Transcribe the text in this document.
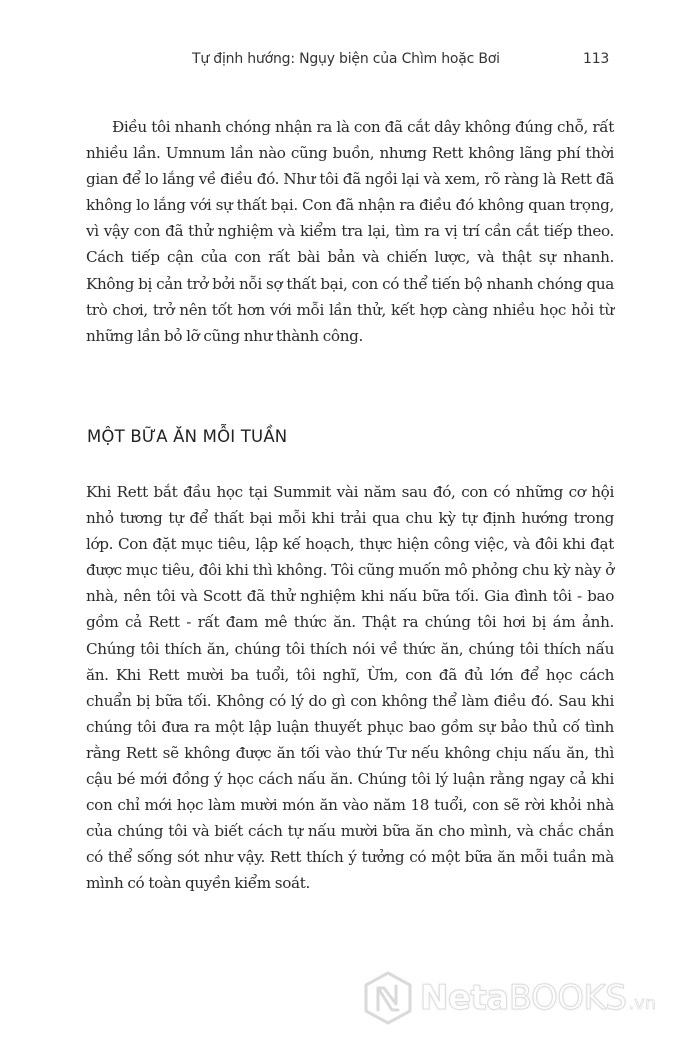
Tự định hướng: Ngụy biện của Chìm hoặc Bơi	113

Điều tôi nhanh chóng nhận ra là con đã cắt dây không đúng chỗ, rất nhiều lần. Umnum lần nào cũng buồn, nhưng Rett không lãng phí thời gian để lo lắng về điều đó. Như tôi đã ngồi lại và xem, rõ ràng là Rett đã không lo lắng với sự thất bại. Con đã nhận ra điều đó không quan trọng, vì vậy con đã thử nghiệm và kiểm tra lại, tìm ra vị trí cần cắt tiếp theo. Cách tiếp cận của con rất bài bản và chiến lược, và thật sự nhanh. Không bị cản trở bởi nỗi sợ thất bại, con có thể tiến bộ nhanh chóng qua trò chơi, trở nên tốt hơn với mỗi lần thử, kết hợp càng nhiều học hỏi từ những lần bỏ lỡ cũng như thành công.

MỘT BỮA ĂN MỖI TUẦN

Khi Rett bắt đầu học tại Summit vài năm sau đó, con có những cơ hội nhỏ tương tự để thất bại mỗi khi trải qua chu kỳ tự định hướng trong lớp. Con đặt mục tiêu, lập kế hoạch, thực hiện công việc, và đôi khi đạt được mục tiêu, đôi khi thì không. Tôi cũng muốn mô phỏng chu kỳ này ở nhà, nên tôi và Scott đã thử nghiệm khi nấu bữa tối. Gia đình tôi - bao gồm cả Rett - rất đam mê thức ăn. Thật ra chúng tôi hơi bị ám ảnh. Chúng tôi thích ăn, chúng tôi thích nói về thức ăn, chúng tôi thích nấu ăn. Khi Rett mười ba tuổi, tôi nghĩ, Ừm, con đã đủ lớn để học cách chuẩn bị bữa tối. Không có lý do gì con không thể làm điều đó. Sau khi chúng tôi đưa ra một lập luận thuyết phục bao gồm sự bảo thủ cố tình rằng Rett sẽ không được ăn tối vào thứ Tư nếu không chịu nấu ăn, thì cậu bé mới đồng ý học cách nấu ăn. Chúng tôi lý luận rằng ngay cả khi con chỉ mới học làm mười món ăn vào năm 18 tuổi, con sẽ rời khỏi nhà của chúng tôi và biết cách tự nấu mười bữa ăn cho mình, và chắc chắn có thể sống sót như vậy. Rett thích ý tưởng có một bữa ăn mỗi tuần mà mình có toàn quyền kiểm soát.

Neta BOOKS .vn
